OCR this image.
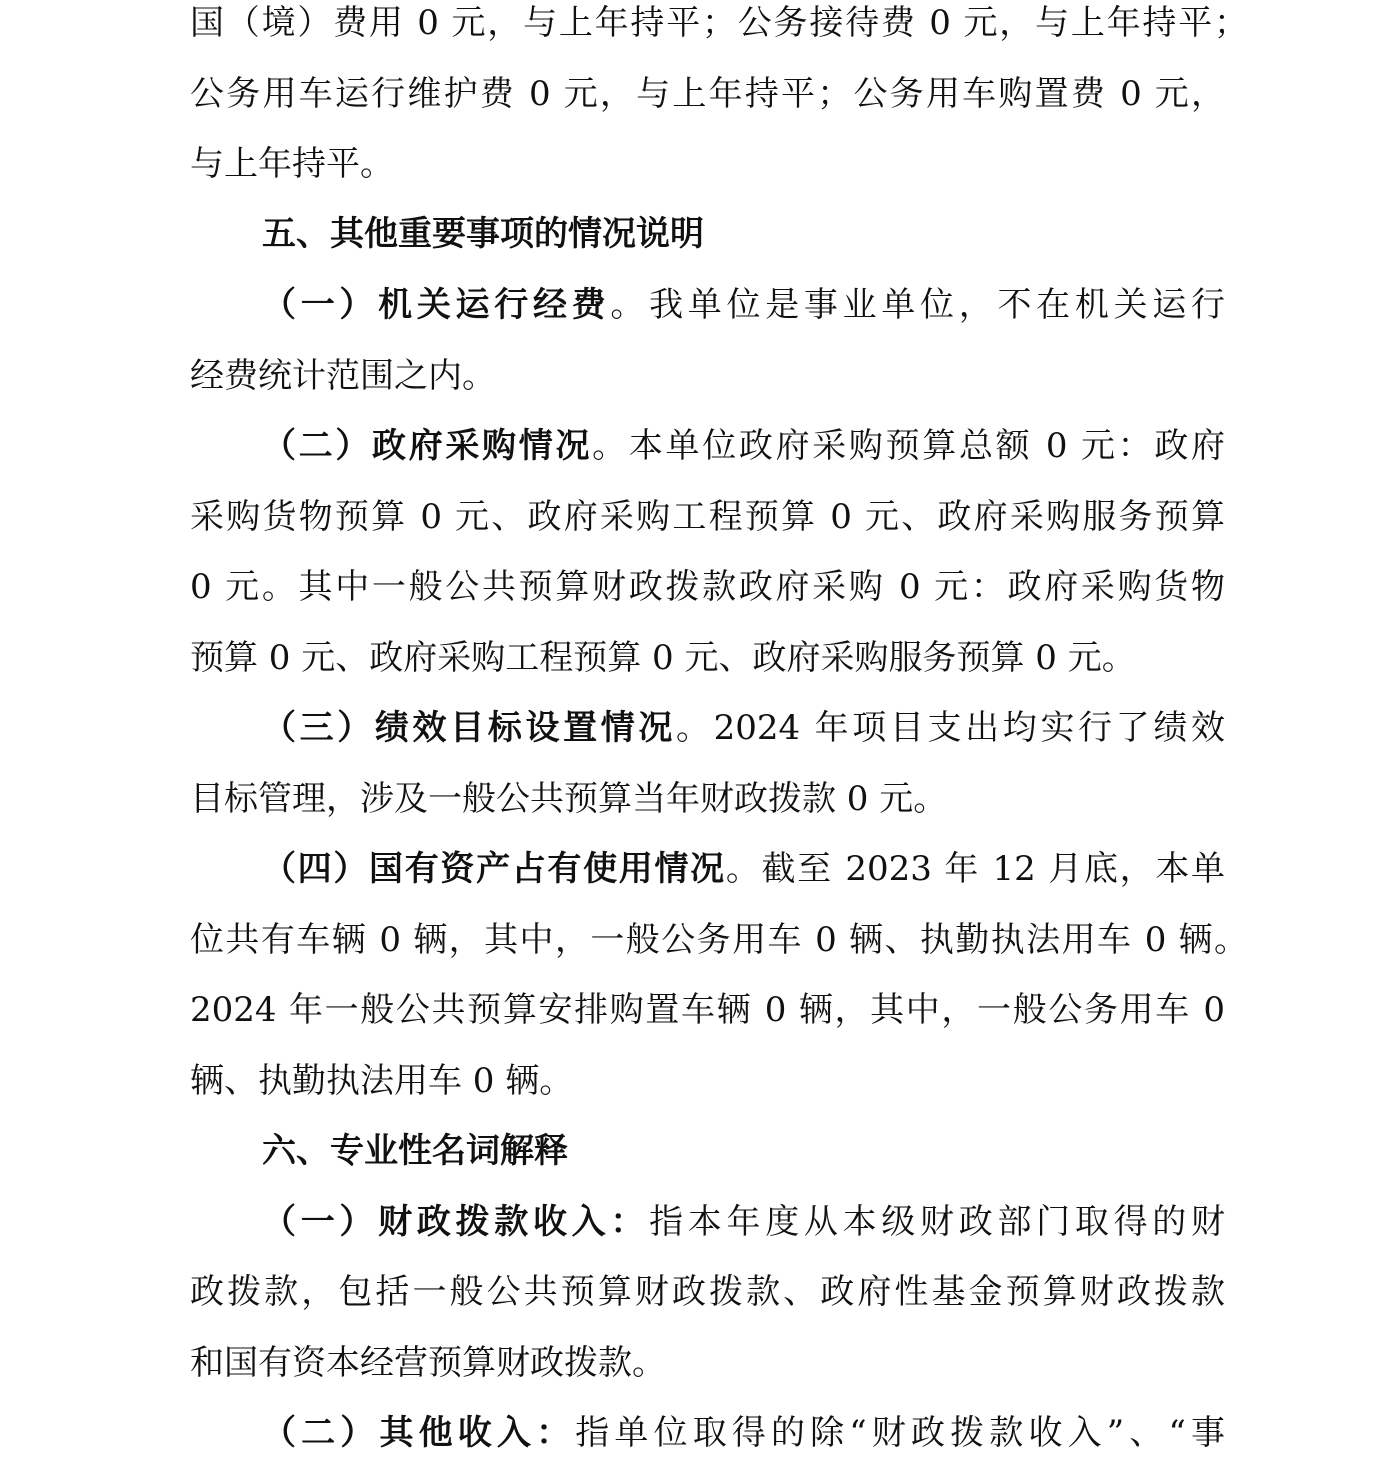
国（境）费用 0 元，与上年持平；公务接待费 0 元，与上年持平；
公务用车运行维护费 0 元，与上年持平；公务用车购置费 0 元，
与上年持平。
五、其他重要事项的情况说明
（一）机关运行经费。我单位是事业单位，不在机关运行
经费统计范围之内。
（二）政府采购情况。本单位政府采购预算总额 0 元：政府
采购货物预算 0 元、政府采购工程预算 0 元、政府采购服务预算
0 元。其中一般公共预算财政拨款政府采购 0 元：政府采购货物
预算 0 元、政府采购工程预算 0 元、政府采购服务预算 0 元。
（三）绩效目标设置情况。2024 年项目支出均实行了绩效
目标管理，涉及一般公共预算当年财政拨款 0 元。
（四）国有资产占有使用情况。截至 2023 年 12 月底，本单
位共有车辆 0 辆，其中，一般公务用车 0 辆、执勤执法用车 0 辆。
2024 年一般公共预算安排购置车辆 0 辆，其中，一般公务用车 0
辆、执勤执法用车 0 辆。
六、专业性名词解释
（一）财政拨款收入：指本年度从本级财政部门取得的财
政拨款，包括一般公共预算财政拨款、政府性基金预算财政拨款
和国有资本经营预算财政拨款。
（二）其他收入：指单位取得的除“财政拨款收入”、“事
